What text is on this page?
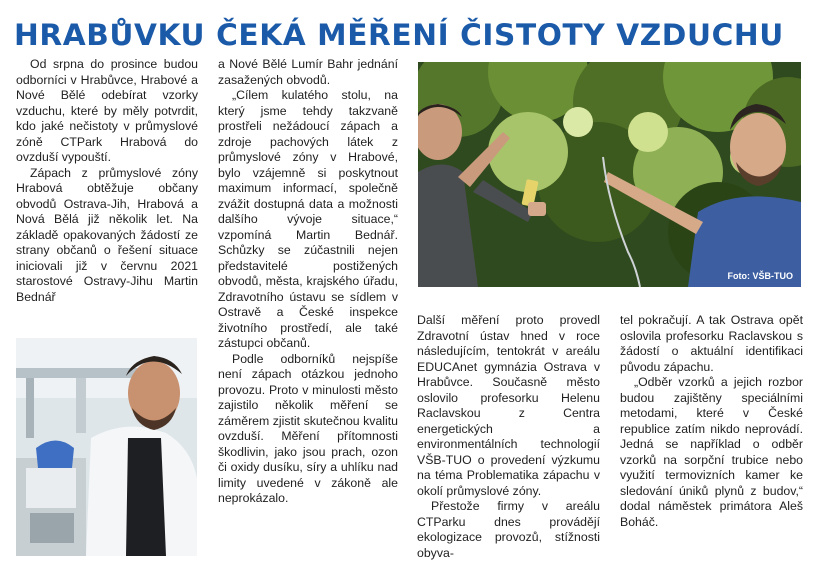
HRABŮVKU ČEKÁ MĚŘENÍ ČISTOTY VZDUCHU

Od srpna do prosince budou odborníci v Hrabůvce, Hrabové a Nové Bělé odebírat vzorky vzduchu, které by měly potvrdit, kdo jaké nečistoty v průmyslové zóně CTPark Hrabová do ovzduší vypouští.

Zápach z průmyslové zóny Hrabová obtěžuje občany obvodů Ostrava-Jih, Hrabová a Nová Bělá již několik let. Na základě opakovaných žádostí ze strany občanů o řešení situace iniciovali již v červnu 2021 starostové Ostravy-Jihu Martin Bednář

a Nové Bělé Lumír Bahr jednání zasažených obvodů.

„Cílem kulatého stolu, na který jsme tehdy takzvaně prostřeli nežádoucí zápach a zdroje pachových látek z průmyslové zóny v Hrabové, bylo vzájemně si poskytnout maximum informací, společně zvážit dostupná data a možnosti dalšího vývoje situace,“ vzpomíná Martin Bednář. Schůzky se zúčastnili nejen představitelé postižených obvodů, města, krajského úřadu, Zdravotního ústavu se sídlem v Ostravě a České inspekce životního prostředí, ale také zástupci občanů.

Podle odborníků nejspíše není zápach otázkou jednoho provozu. Proto v minulosti město zajistilo několik měření se záměrem zjistit skutečnou kvalitu ovzduší. Měření přítomnosti škodlivin, jako jsou prach, ozon či oxidy dusíku, síry a uhlíku nad limity uvedené v zákoně ale neprokázalo.

Další měření proto provedl Zdravotní ústav hned v roce následujícím, tentokrát v areálu EDUCAnet gymnázia Ostrava v Hrabůvce. Současně město oslovilo profesorku Helenu Raclavskou z Centra energetických a environmentálních technologií VŠB-TUO o provedení výzkumu na téma Problematika zápachu v okolí průmyslové zóny.

Přestože firmy v areálu CTParku dnes provádějí ekologizace provozů, stížnosti obyva-

tel pokračují. A tak Ostrava opět oslovila profesorku Raclavskou s žádostí o aktuální identifikaci původu zápachu.

„Odběr vzorků a jejich rozbor budou zajištěny speciálními metodami, které v České republice zatím nikdo neprovádí. Jedná se například o odběr vzorků na sorpční trubice nebo využití termovizních kamer ke sledování úniků plynů z budov,“ dodal náměstek primátora Aleš Boháč.

Foto: VŠB-TUO
